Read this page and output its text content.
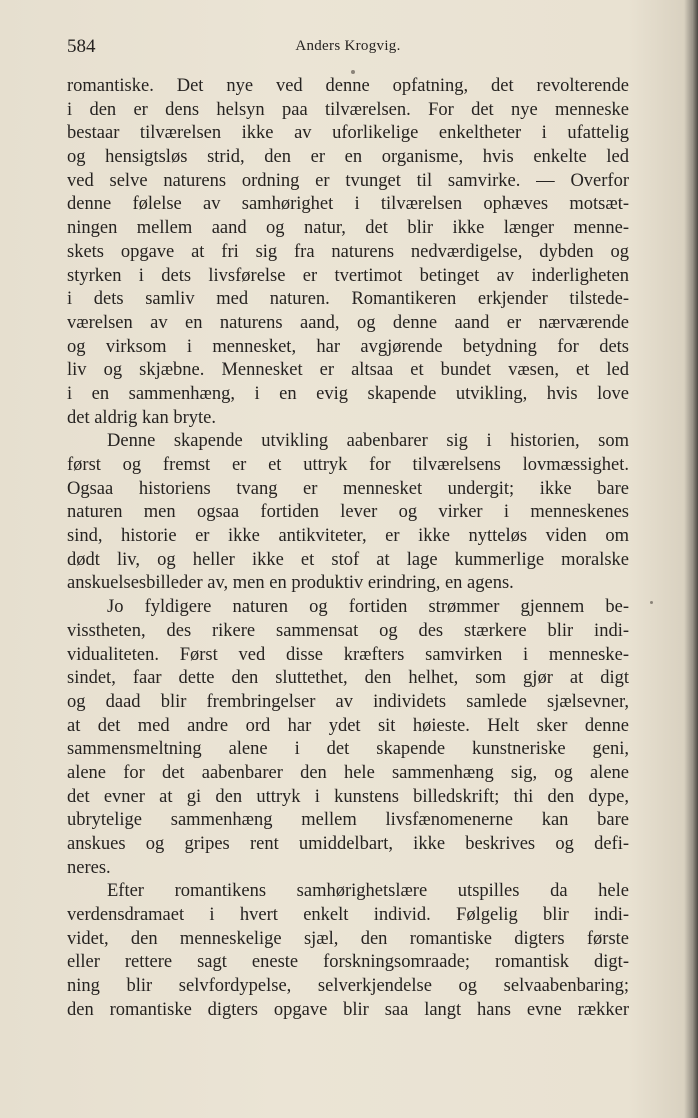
584	Anders Krogvig.
romantiske. Det nye ved denne opfatning, det revolterende
i den er dens helsyn paa tilværelsen. For det nye menneske
bestaar tilværelsen ikke av uforlikelige enkeltheter i ufattelig
og hensigtsløs strid, den er en organisme, hvis enkelte led
ved selve naturens ordning er tvunget til samvirke. — Overfor
denne følelse av samhørighet i tilværelsen ophæves motsæt-
ningen mellem aand og natur, det blir ikke længer menne-
skets opgave at fri sig fra naturens nedværdigelse, dybden og
styrken i dets livsførelse er tvertimot betinget av inderligheten
i dets samliv med naturen. Romantikeren erkjender tilstede-
værelsen av en naturens aand, og denne aand er nærværende
og virksom i mennesket, har avgjørende betydning for dets
liv og skjæbne. Mennesket er altsaa et bundet væsen, et led
i en sammenhæng, i en evig skapende utvikling, hvis love
det aldrig kan bryte.
Denne skapende utvikling aabenbarer sig i historien, som
først og fremst er et uttryk for tilværelsens lovmæssighet.
Ogsaa historiens tvang er mennesket undergit; ikke bare
naturen men ogsaa fortiden lever og virker i menneskenes
sind, historie er ikke antikviteter, er ikke nytteløs viden om
dødt liv, og heller ikke et stof at lage kummerlige moralske
anskuelsesbilleder av, men en produktiv erindring, en agens.
Jo fyldigere naturen og fortiden strømmer gjennem be-
visstheten, des rikere sammensat og des stærkere blir indi-
vidualiteten. Først ved disse kræfters samvirken i menneske-
sindet, faar dette den sluttethet, den helhet, som gjør at digt
og daad blir frembringelser av individets samlede sjælsevner,
at det med andre ord har ydet sit høieste. Helt sker denne
sammensmeltning alene i det skapende kunstneriske geni,
alene for det aabenbarer den hele sammenhæng sig, og alene
det evner at gi den uttryk i kunstens billedskrift; thi den dype,
ubrytelige sammenhæng mellem livsfænomenerne kan bare
anskues og gripes rent umiddelbart, ikke beskrives og defi-
neres.
Efter romantikens samhørighetslære utspilles da hele
verdensdramaet i hvert enkelt individ. Følgelig blir indi-
videt, den menneskelige sjæl, den romantiske digters første
eller rettere sagt eneste forskningsomraade; romantisk digt-
ning blir selvfordypelse, selverkjendelse og selvaabenbaring;
den romantiske digters opgave blir saa langt hans evne rækker
